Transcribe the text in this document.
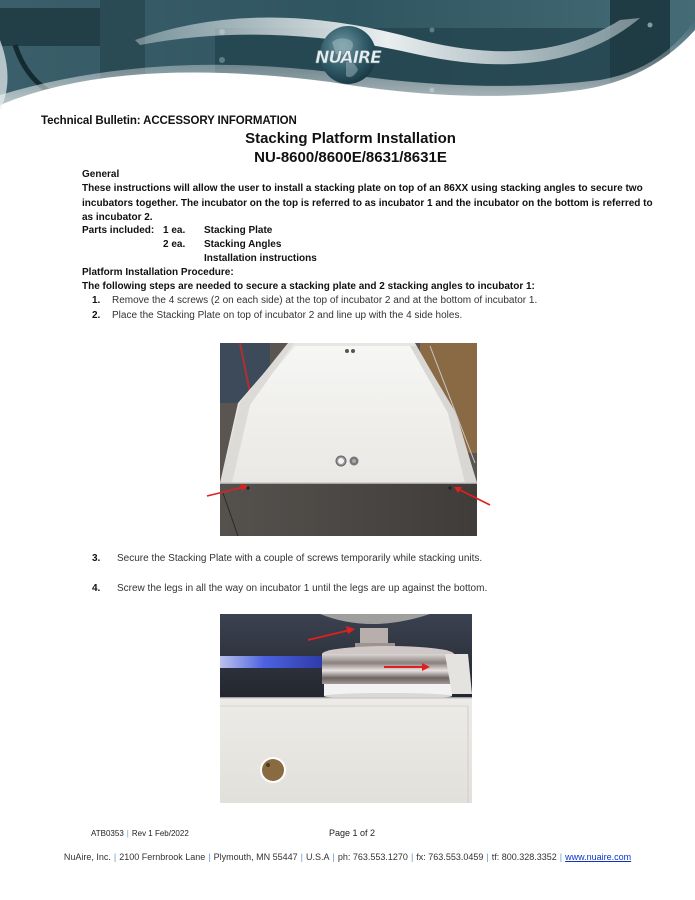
NUAIRE
Technical Bulletin: ACCESSORY INFORMATION
Stacking Platform Installation
NU-8600/8600E/8631/8631E
General
These instructions will allow the user to install a stacking plate on top of an 86XX using stacking angles to secure two incubators together. The incubator on the top is referred to as incubator 1 and the incubator on the bottom is referred to as incubator 2.
Parts included: 1 ea.	Stacking Plate
2 ea.	Stacking Angles
Installation instructions
Platform Installation Procedure:
The following steps are needed to secure a stacking plate and 2 stacking angles to incubator 1:
1.	Remove the 4 screws (2 on each side) at the top of incubator 2 and at the bottom of incubator 1.
2.	Place the Stacking Plate on top of incubator 2 and line up with the 4 side holes.
3.	Secure the Stacking Plate with a couple of screws temporarily while stacking units.
4.	Screw the legs in all the way on incubator 1 until the legs are up against the bottom.
ATB0353 | Rev 1 Feb/2022	Page 1 of 2
NuAire, Inc. | 2100 Fernbrook Lane | Plymouth, MN 55447 | U.S.A | ph: 763.553.1270 | fx: 763.553.0459 | tf: 800.328.3352 | www.nuaire.com
